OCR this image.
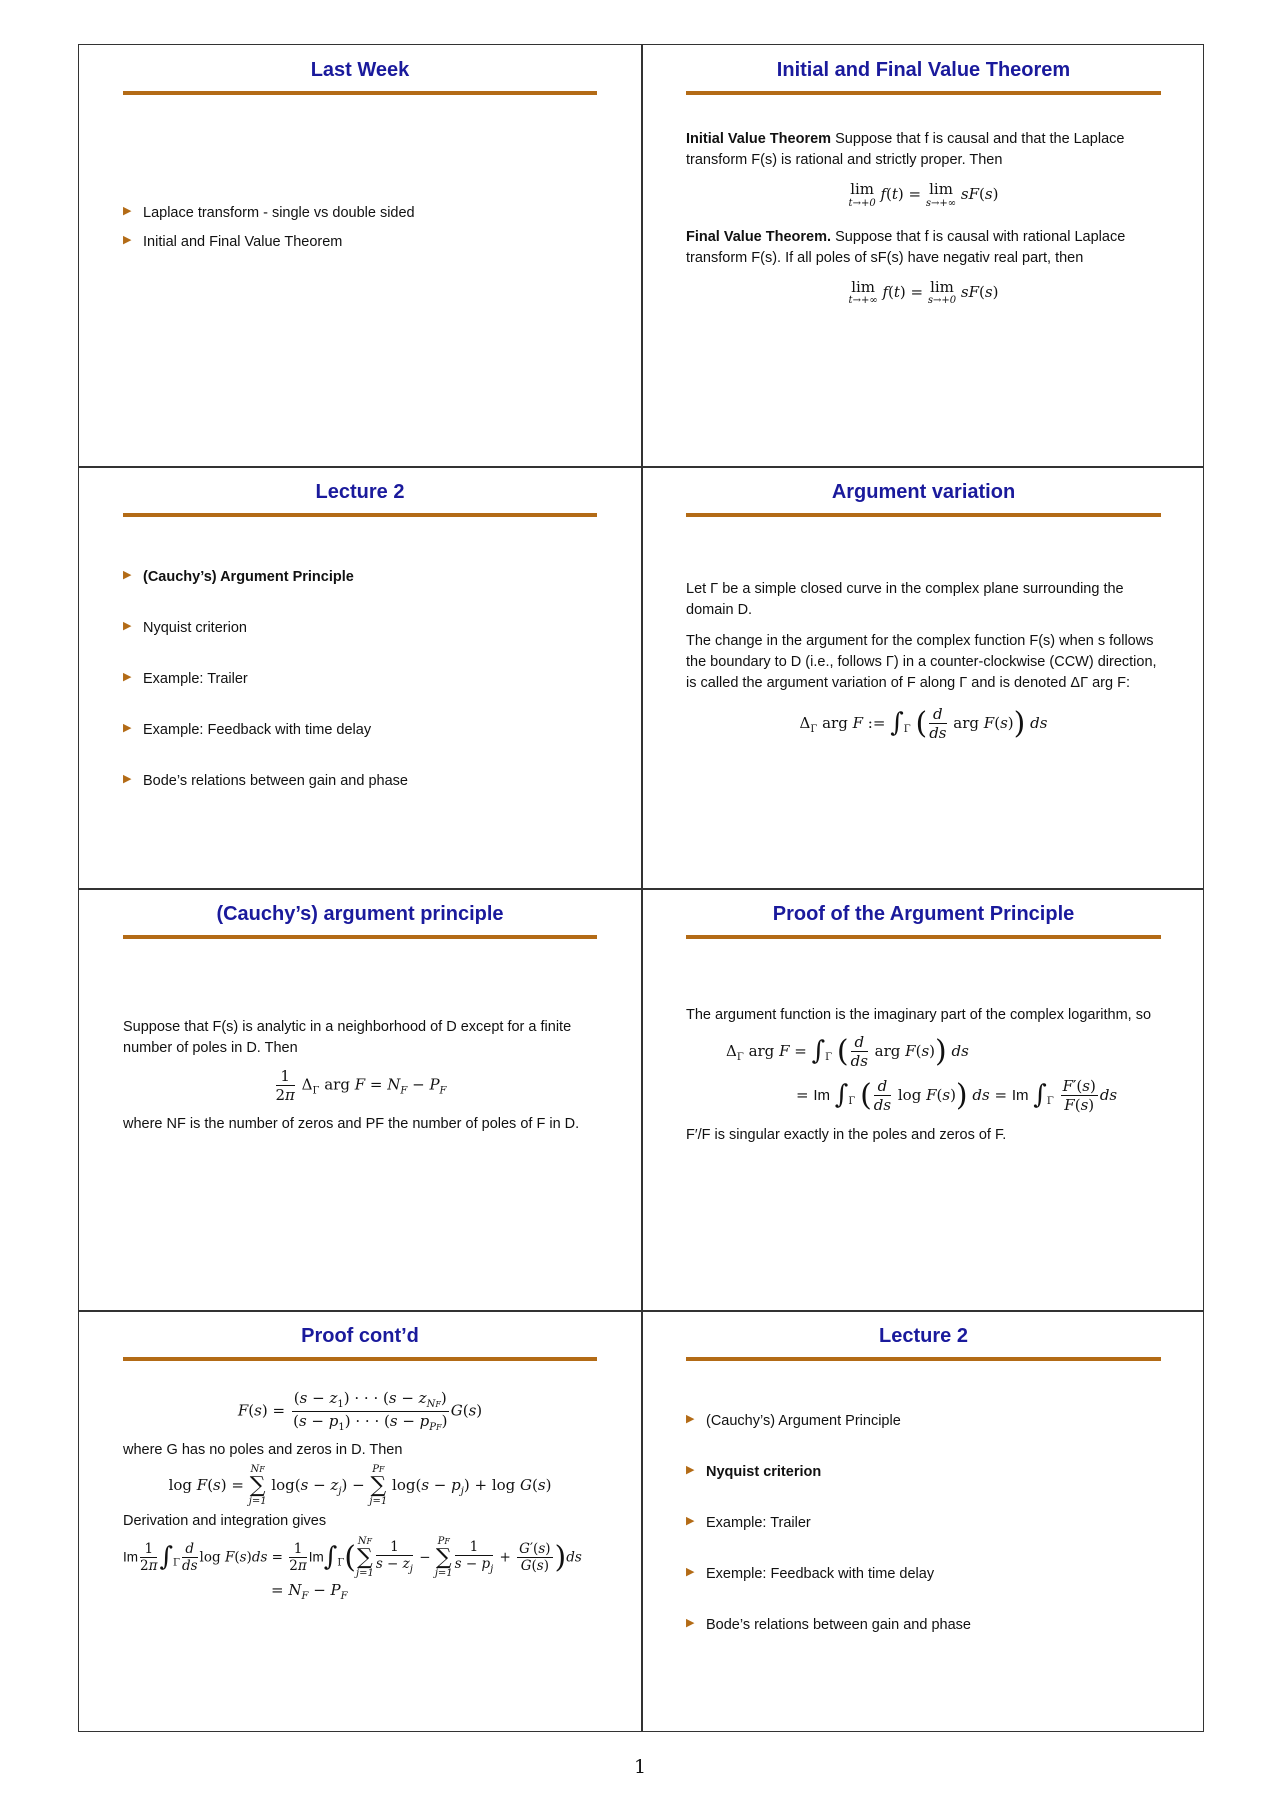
Last Week
▶ Laplace transform - single vs double sided
▶ Initial and Final Value Theorem
Initial and Final Value Theorem

Initial Value Theorem Suppose that f is causal and that the Laplace transform F(s) is rational and strictly proper. Then

lim
t→+0
f(t) = lim
s→+∞
sF(s)

Final Value Theorem. Suppose that f is causal with rational Laplace transform F(s). If all poles of sF(s) have negativ real part, then

lim
t→+∞
f(t) = lim
s→+0
sF(s)
Lecture 2
▶ (Cauchy’s) Argument Principle
▶ Nyquist criterion
▶ Example: Trailer
▶ Example: Feedback with time delay
▶ Bode’s relations between gain and phase
Argument variation

Let Γ be a simple closed curve in the complex plane surrounding the domain D.

The change in the argument for the complex function F(s) when s follows the boundary to D (i.e., follows Γ) in a counter-clockwise (CCW) direction, is called the argument variation of F along Γ and is denoted ΔΓ arg F:

$\Delta_\Gamma$ arg F := $\int_\Gamma$ ( $\frac{d}{ds}$ arg F(s)) ds
(Cauchy’s) argument principle

Suppose that F(s) is analytic in a neighborhood of D except for a finite number of poles in D. Then

$\frac{1}{2\pi} \Delta_\Gamma$ arg $F = N_F - P_F$

where NF is the number of zeros and PF the number of poles of F in D.

Proof of the Argument Principle

The argument function is the imaginary part of the complex logarithm, so

$\Delta_\Gamma$ arg $F = \int_\Gamma$ ( $\frac{d}{ds}$ arg F(s)) ds
= Im $\int_\Gamma$ ( $\frac{d}{ds}$ log F(s)) ds = Im $\int_\Gamma \frac{F'(s)}{F(s)}$ ds

F′/F is singular exactly in the poles and zeros of F.

Proof cont’d
$F(s) = \frac{(s - z_1) \cdot \cdot \cdot (s - z_{NF})}{(s - p_1) \cdot \cdot \cdot (s - p_{PF})} G(s)$

where G has no poles and zeros in D. Then

log F(s) =
NF
∑
j=1
$\log(s - z_j)$ −
PF
∑
j=1
$\log(s - p_j) + \log G(s)$

Derivation and integration gives

Im $\frac{1}{2\pi} \int_\Gamma \frac{d}{ds}$ $\log F(s)ds = \frac{1}{2\pi} Im\int_\Gamma$( NF
∑
$j=1 \frac{1}{s - z_j}$ −
PF
∑
$j=1 \frac{1}{s - p_j} + \frac{G'(s)}{G(s)} )ds$
= $N_F - P_F$
Lecture 2
▶ (Cauchy’s) Argument Principle
▶ Nyquist criterion
▶ Example: Trailer
▶ Exemple: Feedback with time delay
▶ Bode’s relations between gain and phase
1
